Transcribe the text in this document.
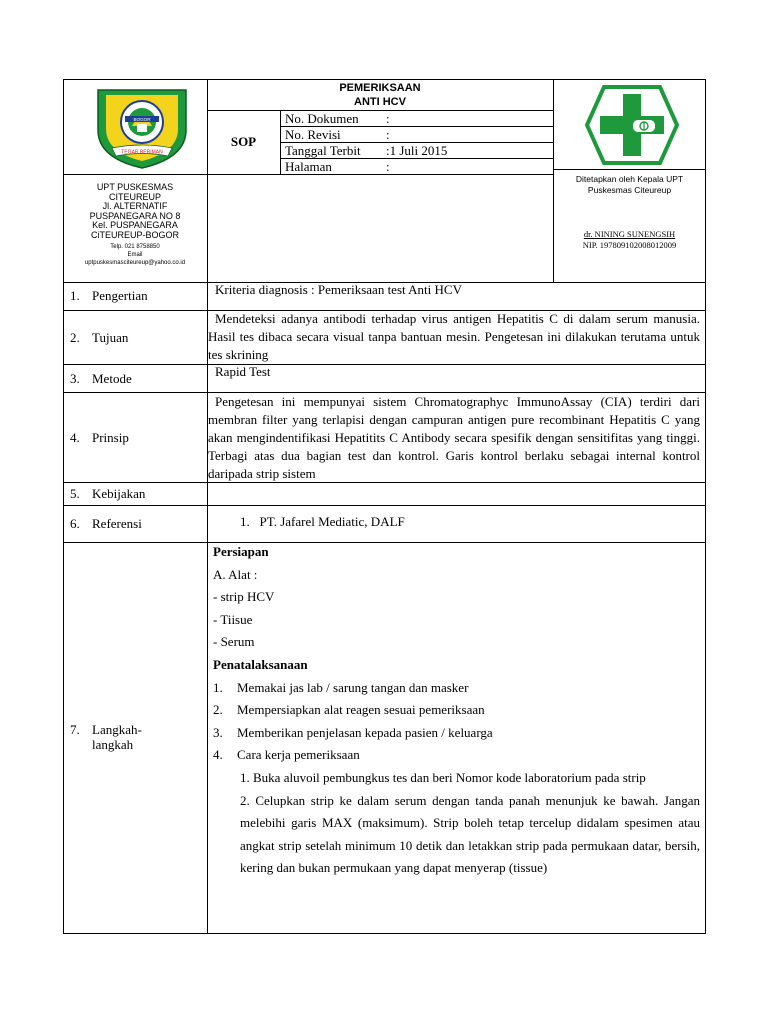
BOGOR
TEGAR BERIMAN
PEMERIKSAAN
ANTI HCV
SOP
No. Dokumen :
No. Revisi	:
Tanggal Terbit :1 Juli 2015
Halaman	:
UPT PUSKESMAS
CITEUREUP
Jl. ALTERNATIF
PUSPANEGARA NO 8
Kel. PUSPANEGARA
CiTEUREUP-BOGOR
Telp. 021 8758850
Email
uptpuskesmasciteureup@yahoo.co.id
Ditetapkan oleh Kepala UPT
Puskesmas Citeureup
dr. NINING SUNENGSIH
NIP. 197809102008012009
1. Pengertian
2. Tujuan
3. Metode
4. Prinsip
5. Kebijakan
6. Referensi
7. Langkah-
langkah
Kriteria diagnosis : Pemeriksaan test Anti HCV
Mendeteksi adanya antibodi terhadap virus antigen Hepatitis C di dalam serum manusia. Hasil tes dibaca secara visual tanpa bantuan mesin. Pengetesan ini dilakukan terutama untuk tes skrining
Rapid Test
Pengetesan ini mempunyai sistem Chromatographyc ImmunoAssay (CIA) terdiri dari membran filter yang terlapisi dengan campuran antigen pure recombinant Hepatitis C yang akan mengindentifikasi Hepatitits C Antibody secara spesifik dengan sensitifitas yang tinggi. Terbagi atas dua bagian test dan kontrol. Garis kontrol berlaku sebagai internal kontrol daripada strip sistem
1.   PT. Jafarel Mediatic, DALF
Persiapan
A. Alat :
- strip HCV
- Tiisue
- Serum
Penatalaksanaan
1. Memakai jas lab / sarung tangan dan masker
2. Mempersiapkan alat reagen sesuai pemeriksaan
3. Memberikan penjelasan kepada pasien / keluarga
4. Cara kerja pemeriksaan
1. Buka aluvoil pembungkus tes dan beri Nomor kode laboratorium pada strip
2. Celupkan strip ke dalam serum dengan tanda panah menunjuk ke bawah. Jangan melebihi garis MAX (maksimum). Strip boleh tetap tercelup didalam spesimen atau angkat strip setelah minimum 10 detik dan letakkan strip pada permukaan datar, bersih, kering dan bukan permukaan yang dapat menyerap (tissue)
